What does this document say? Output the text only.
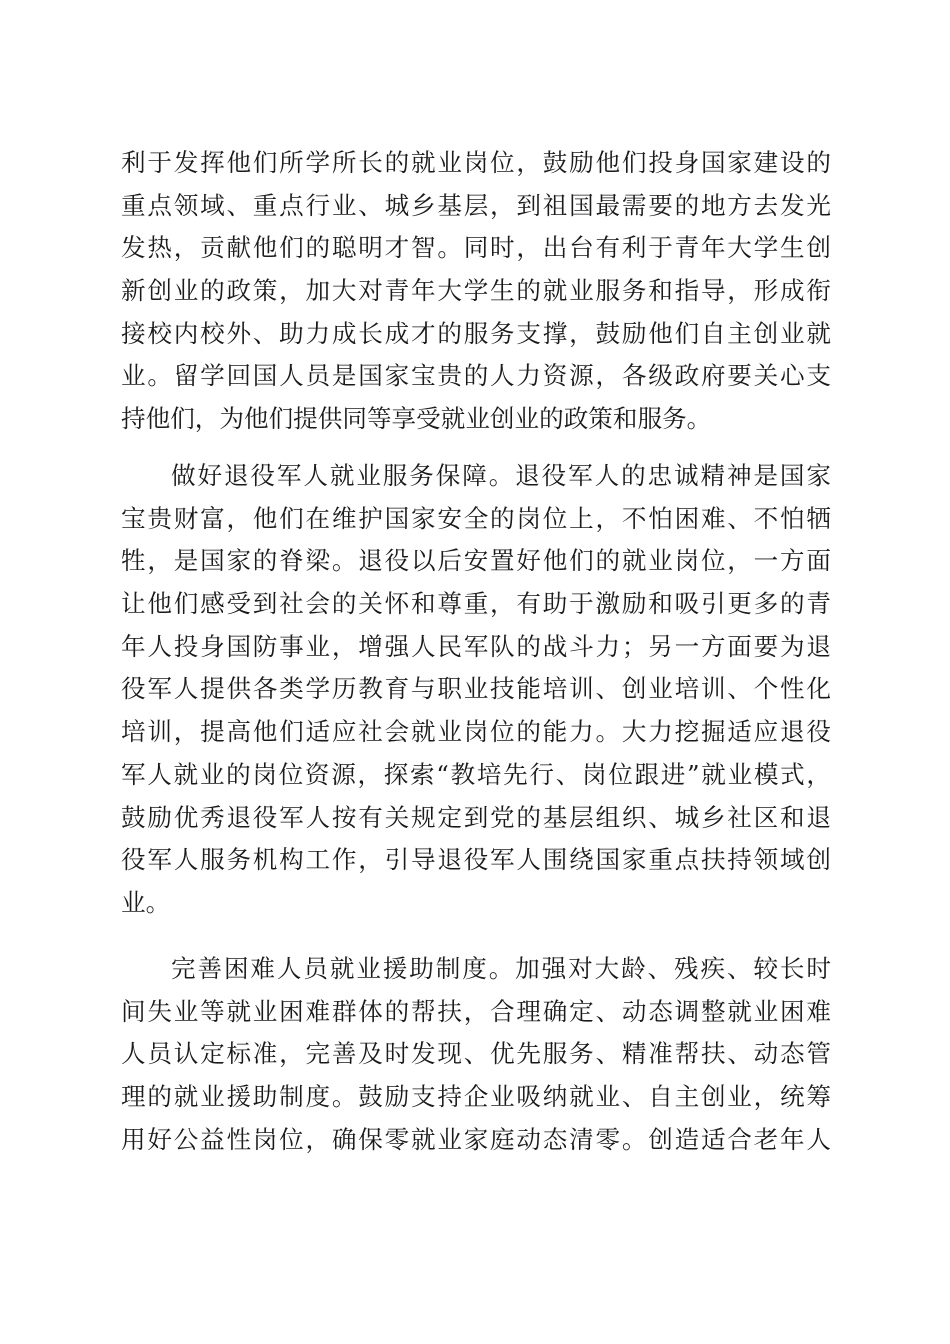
利于发挥他们所学所长的就业岗位，鼓励他们投身国家建设的
重点领域、重点行业、城乡基层，到祖国最需要的地方去发光
发热，贡献他们的聪明才智。同时，出台有利于青年大学生创
新创业的政策，加大对青年大学生的就业服务和指导，形成衔
接校内校外、助力成长成才的服务支撑，鼓励他们自主创业就
业。留学回国人员是国家宝贵的人力资源，各级政府要关心支
持他们，为他们提供同等享受就业创业的政策和服务。
做好退役军人就业服务保障。退役军人的忠诚精神是国家
宝贵财富，他们在维护国家安全的岗位上，不怕困难、不怕牺
牲，是国家的脊梁。退役以后安置好他们的就业岗位，一方面
让他们感受到社会的关怀和尊重，有助于激励和吸引更多的青
年人投身国防事业，增强人民军队的战斗力；另一方面要为退
役军人提供各类学历教育与职业技能培训、创业培训、个性化
培训，提高他们适应社会就业岗位的能力。大力挖掘适应退役
军人就业的岗位资源，探索“教培先行、岗位跟进”就业模式，
鼓励优秀退役军人按有关规定到党的基层组织、城乡社区和退
役军人服务机构工作，引导退役军人围绕国家重点扶持领域创
业。
完善困难人员就业援助制度。加强对大龄、残疾、较长时
间失业等就业困难群体的帮扶，合理确定、动态调整就业困难
人员认定标准，完善及时发现、优先服务、精准帮扶、动态管
理的就业援助制度。鼓励支持企业吸纳就业、自主创业，统筹
用好公益性岗位，确保零就业家庭动态清零。创造适合老年人
